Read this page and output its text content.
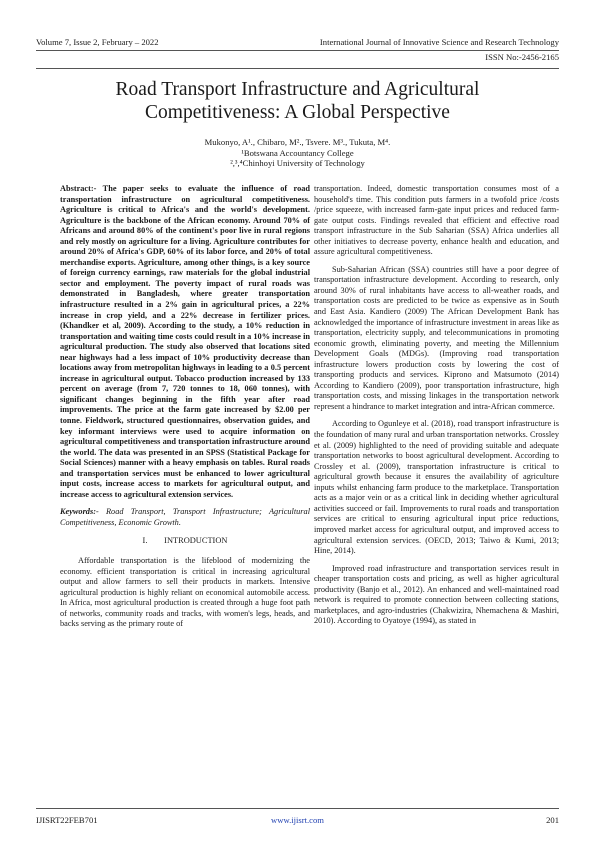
Volume 7, Issue 2, February – 2022	International Journal of Innovative Science and Research Technology
ISSN No:-2456-2165
Road Transport Infrastructure and Agricultural
Competitiveness: A Global Perspective
Mukonyo, A¹., Chibaro, M²., Tsvere. M³., Tukuta, M⁴.
¹Botswana Accountancy College
²,³,⁴Chinhoyi University of Technology

Abstract:- The paper seeks to evaluate the influence of road transportation infrastructure on agricultural competitiveness. Agriculture is critical to Africa's and the world's development. Agriculture is the backbone of the African economy. Around 70% of Africans and around 80% of the continent's poor live in rural regions and rely mostly on agriculture for a living. Agriculture contributes for around 20% of Africa's GDP, 60% of its labor force, and 20% of total merchandise exports. Agriculture, among other things, is a key source of foreign currency earnings, raw materials for the global industrial sector and employment. The poverty impact of rural roads was demonstrated in Bangladesh, where greater transportation infrastructure resulted in a 2% gain in agricultural prices, a 22% increase in crop yield, and a 22% decrease in fertilizer prices. (Khandker et al, 2009). According to the study, a 10% reduction in transportation and waiting time costs could result in a 10% increase in agricultural production. The study also observed that locations sited near highways had a less impact of 10% productivity decrease than locations away from metropolitan highways in leading to a 0.5 percent increase in agricultural output. Tobacco production increased by 133 percent on average (from 7, 720 tonnes to 18, 060 tonnes), with significant changes beginning in the fifth year after road improvements. The price at the farm gate increased by $2.00 per tonne. Fieldwork, structured questionnaires, observation guides, and key informant interviews were used to acquire information on agricultural competitiveness and transportation infrastructure around the world. The data was presented in an SPSS (Statistical Package for Social Sciences) manner with a heavy emphasis on tables. Rural roads and transportation services must be enhanced to lower agricultural input costs, increase access to markets for agricultural output, and increase access to agricultural extension services.

Keywords:- Road Transport, Transport Infrastructure; Agricultural Competitiveness, Economic Growth.

I. INTRODUCTION

Affordable transportation is the lifeblood of modernizing the economy. efficient transportation is critical in increasing agricultural output and allow farmers to sell their products in markets. Intensive agricultural production is highly reliant on economical automobile access. In Africa, most agricultural production is created through a huge foot path of networks, community roads and tracks, with women's legs, heads, and backs serving as the primary route of

transportation. Indeed, domestic transportation consumes most of a household's time. This condition puts farmers in a twofold price /costs /price squeeze, with increased farm-gate input prices and reduced farm-gate output costs. Findings revealed that efficient and effective road transport infrastructure in the Sub Saharian (SSA) Africa underlies all other initiatives to decrease poverty, enhance health and education, and assure agricultural competitiveness.

Sub-Saharian African (SSA) countries still have a poor degree of transportation infrastructure development. According to research, only around 30% of rural inhabitants have access to all-weather roads, and transportation costs are predicted to be twice as expensive as in South and East Asia. Kandiero (2009) The African Development Bank has acknowledged the importance of infrastructure investment in areas like as transportation, electricity supply, and telecommunications in promoting economic growth, eliminating poverty, and meeting the Millennium Development Goals (MDGs). (Improving road transportation infrastructure lowers production costs by lowering the cost of transporting products and services. Kiprono and Matsumoto (2014) According to Kandiero (2009), poor transportation infrastructure, high transportation costs, and missing linkages in the transportation network represent a hindrance to market integration and intra-African commerce.

According to Ogunleye et al. (2018), road transport infrastructure is the foundation of many rural and urban transportation networks. Crossley et al. (2009) highlighted to the need of providing suitable and adequate transportation networks to boost agricultural development. According to Crossley et al. (2009), transportation infrastructure is critical to agricultural growth because it ensures the availability of agriculture inputs whilst enhancing farm produce to the marketplace. Transportation acts as a major vein or as a critical link in deciding whether agricultural activities succeed or fail. Improvements to rural roads and transportation services are critical to ensuring agricultural input price reductions, improved market access for agricultural output, and improved access to agricultural extension services. (OECD, 2013; Taiwo & Kumi, 2013; Hine, 2014).

Improved road infrastructure and transportation services result in cheaper transportation costs and pricing, as well as higher agricultural productivity (Banjo et al., 2012). An enhanced and well-maintained road network is required to promote connection between collecting stations, marketplaces, and agro-industries (Chakwizira, Nhemachena & Mashiri, 2010). According to Oyatoye (1994), as stated in

IJISRT22FEB701	www.ijisrt.com	201
